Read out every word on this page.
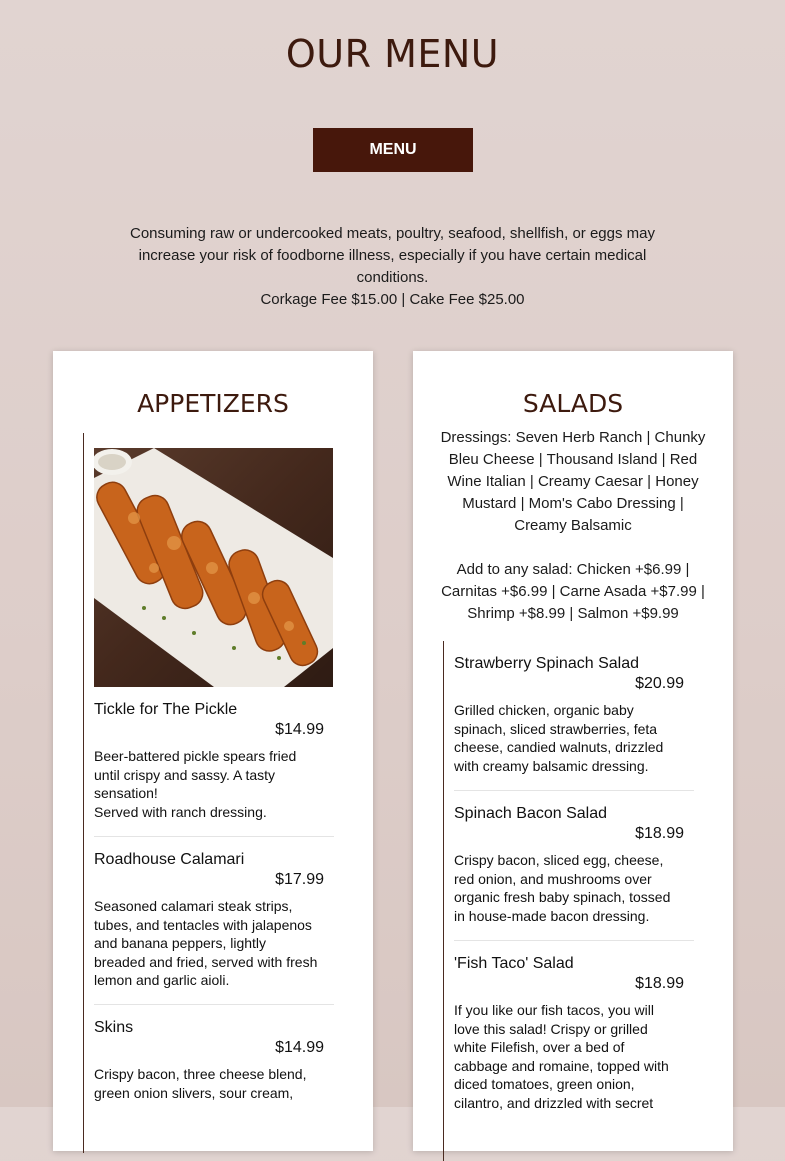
OUR MENU
MENU
Consuming raw or undercooked meats, poultry, seafood, shellfish, or eggs may increase your risk of foodborne illness, especially if you have certain medical conditions.
Corkage Fee $15.00 | Cake Fee $25.00
APPETIZERS
Tickle for The Pickle
$14.99
Beer-battered pickle spears fried until crispy and sassy. A tasty sensation!
Served with ranch dressing.
Roadhouse Calamari
$17.99
Seasoned calamari steak strips, tubes, and tentacles with jalapenos and banana peppers, lightly breaded and fried, served with fresh lemon and garlic aioli.
Skins
$14.99
Crispy bacon, three cheese blend, green onion slivers, sour cream,
SALADS
Dressings: Seven Herb Ranch | Chunky Bleu Cheese | Thousand Island | Red Wine Italian | Creamy Caesar | Honey Mustard | Mom's Cabo Dressing | Creamy Balsamic
Add to any salad: Chicken +$6.99 | Carnitas +$6.99 | Carne Asada +$7.99 | Shrimp +$8.99 | Salmon +$9.99
Strawberry Spinach Salad
$20.99
Grilled chicken, organic baby spinach, sliced strawberries, feta cheese, candied walnuts, drizzled with creamy balsamic dressing.
Spinach Bacon Salad
$18.99
Crispy bacon, sliced egg, cheese, red onion, and mushrooms over organic fresh baby spinach, tossed in house-made bacon dressing.
'Fish Taco' Salad
$18.99
If you like our fish tacos, you will love this salad! Crispy or grilled white Filefish, over a bed of cabbage and romaine, topped with diced tomatoes, green onion, cilantro, and drizzled with secret
